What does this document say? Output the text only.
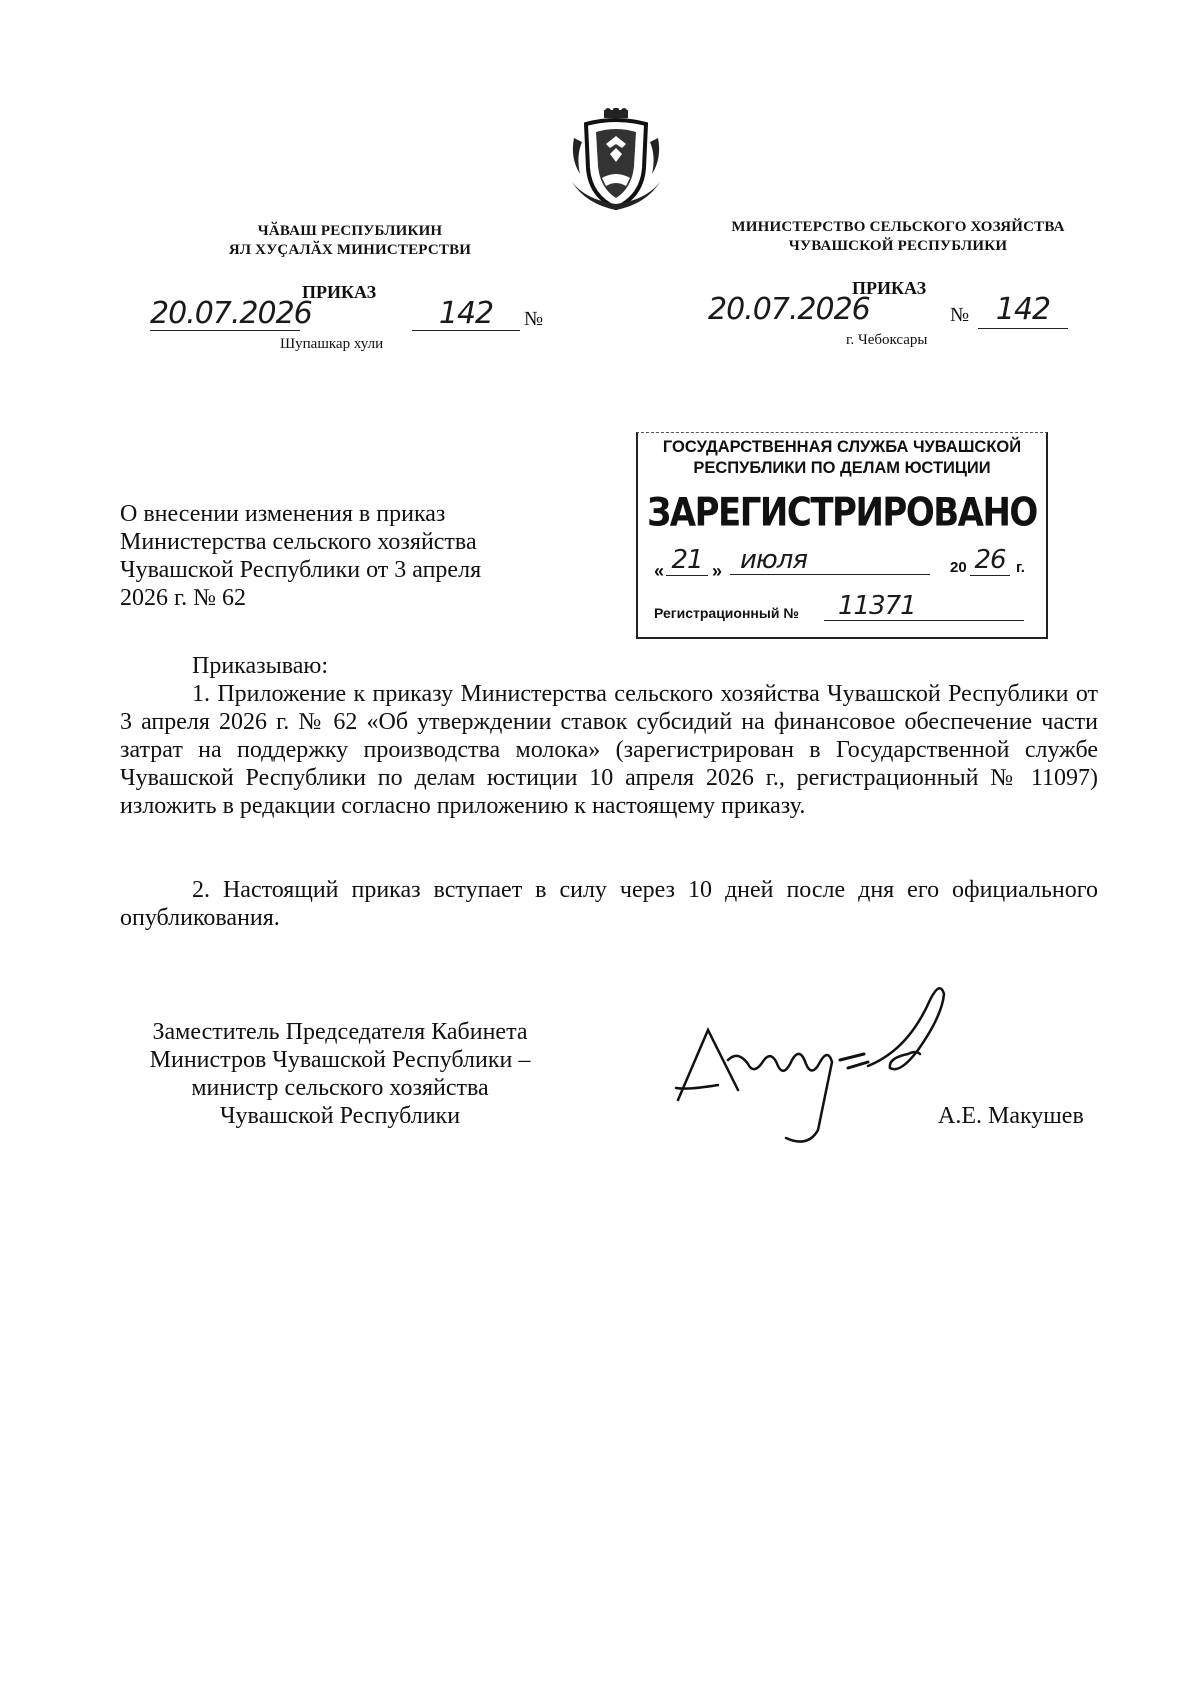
ЧӐВАШ РЕСПУБЛИКИН
ЯЛ ХУҪАЛӐХ МИНИСТЕРСТВИ
ПРИКАЗ
20.07.2026	142	№
Шупашкар хули
МИНИСТЕРСТВО СЕЛЬСКОГО ХОЗЯЙСТВА
ЧУВАШСКОЙ РЕСПУБЛИКИ
ПРИКАЗ
20.07.2026	№ 142
г. Чебоксары
О внесении изменения в приказ
Министерства сельского хозяйства
Чувашской Республики от 3 апреля
2026 г. № 62
ГОСУДАРСТВЕННАЯ СЛУЖБА ЧУВАШСКОЙ
РЕСПУБЛИКИ ПО ДЕЛАМ ЮСТИЦИИ
ЗАРЕГИСТРИРОВАНО
« 21 » июля	20 26 г.
Регистрационный №	11371
Приказываю:
1. Приложение к приказу Министерства сельского хозяйства Чувашской Республики от 3 апреля 2026 г. № 62 «Об утверждении ставок субсидий на финансовое обеспечение части затрат на поддержку производства молока» (зарегистрирован в Государственной службе Чувашской Республики по делам юстиции 10 апреля 2026 г., регистрационный № 11097) изложить в редакции согласно приложению к настоящему приказу.
2. Настоящий приказ вступает в силу через 10 дней после дня его официального опубликования.
Заместитель Председателя Кабинета
Министров Чувашской Республики –
министр сельского хозяйства
Чувашской Республики	А.Е. Макушев
